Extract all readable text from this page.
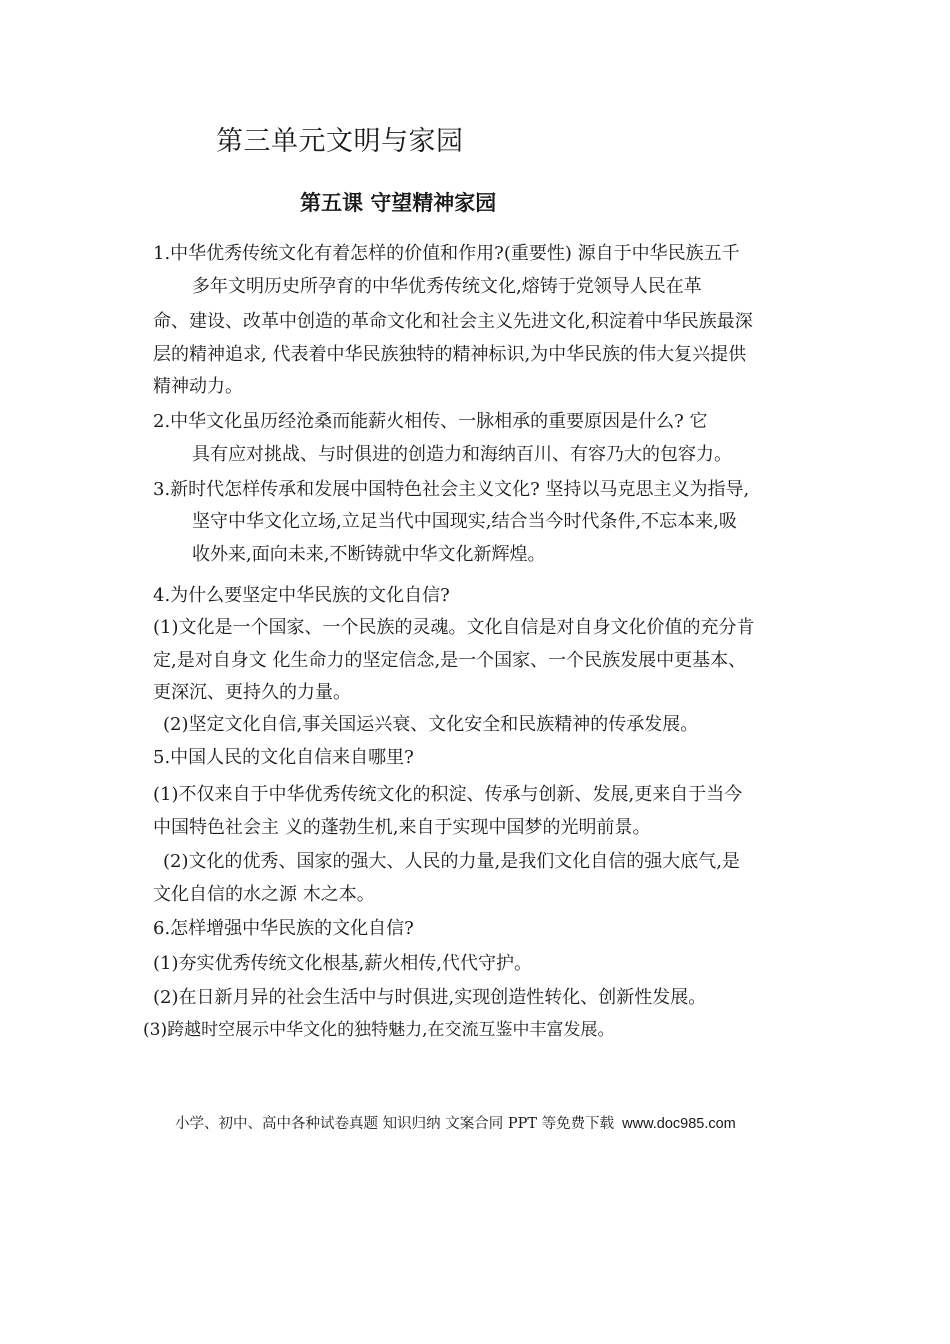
第三单元文明与家园
第五课 守望精神家园
1.中华优秀传统文化有着怎样的价值和作用?(重要性) 源自于中华民族五千
多年文明历史所孕育的中华优秀传统文化,熔铸于党领导人民在革
命、建设、改革中创造的革命文化和社会主义先进文化,积淀着中华民族最深
层的精神追求, 代表着中华民族独特的精神标识,为中华民族的伟大复兴提供
精神动力。
2.中华文化虽历经沧桑而能薪火相传、一脉相承的重要原因是什么? 它
具有应对挑战、与时俱进的创造力和海纳百川、有容乃大的包容力。
3.新时代怎样传承和发展中国特色社会主义文化? 坚持以马克思主义为指导,
坚守中华文化立场,立足当代中国现实,结合当今时代条件,不忘本来,吸
收外来,面向未来,不断铸就中华文化新辉煌。
4.为什么要坚定中华民族的文化自信?
(1)文化是一个国家、一个民族的灵魂。文化自信是对自身文化价值的充分肯
定,是对自身文 化生命力的坚定信念,是一个国家、一个民族发展中更基本、
更深沉、更持久的力量。
(2)坚定文化自信,事关国运兴衰、文化安全和民族精神的传承发展。
5.中国人民的文化自信来自哪里?
(1)不仅来自于中华优秀传统文化的积淀、传承与创新、发展,更来自于当今
中国特色社会主 义的蓬勃生机,来自于实现中国梦的光明前景。
(2)文化的优秀、国家的强大、人民的力量,是我们文化自信的强大底气,是
文化自信的水之源 木之本。
6.怎样增强中华民族的文化自信?
(1)夯实优秀传统文化根基,薪火相传,代代守护。
(2)在日新月异的社会生活中与时俱进,实现创造性转化、创新性发展。
(3)跨越时空展示中华文化的独特魅力,在交流互鉴中丰富发展。
小学、初中、高中各种试卷真题 知识归纳 文案合同 PPT 等免费下载 www.doc985.com
